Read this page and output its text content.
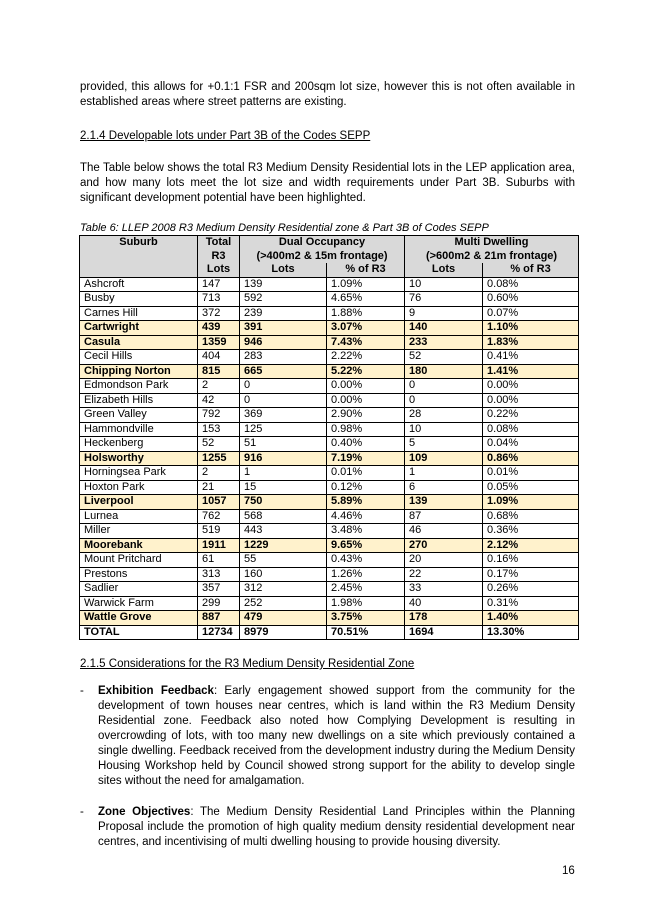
provided, this allows for +0.1:1 FSR and 200sqm lot size, however this is not often available in established areas where street patterns are existing.
2.1.4 Developable lots under Part 3B of the Codes SEPP
The Table below shows the total R3 Medium Density Residential lots in the LEP application area, and how many lots meet the lot size and width requirements under Part 3B. Suburbs with significant development potential have been highlighted.
Table 6: LLEP 2008 R3 Medium Density Residential zone & Part 3B of Codes SEPP
Suburb	Total	Dual Occupancy		Multi Dwelling	
	R3	(>400m2 & 15m frontage)		(>600m2 & 21m frontage)	
	Lots	Lots	% of R3	Lots	% of R3
Ashcroft	147	139	1.09%	10	0.08%
Busby	713	592	4.65%	76	0.60%
Carnes Hill	372	239	1.88%	9	0.07%
Cartwright	439	391	3.07%	140	1.10%
Casula	1359	946	7.43%	233	1.83%
Cecil Hills	404	283	2.22%	52	0.41%
Chipping Norton	815	665	5.22%	180	1.41%
Edmondson Park	2	0	0.00%	0	0.00%
Elizabeth Hills	42	0	0.00%	0	0.00%
Green Valley	792	369	2.90%	28	0.22%
Hammondville	153	125	0.98%	10	0.08%
Heckenberg	52	51	0.40%	5	0.04%
Holsworthy	1255	916	7.19%	109	0.86%
Horningsea Park	2	1	0.01%	1	0.01%
Hoxton Park	21	15	0.12%	6	0.05%
Liverpool	1057	750	5.89%	139	1.09%
Lurnea	762	568	4.46%	87	0.68%
Miller	519	443	3.48%	46	0.36%
Moorebank	1911	1229	9.65%	270	2.12%
Mount Pritchard	61	55	0.43%	20	0.16%
Prestons	313	160	1.26%	22	0.17%
Sadlier	357	312	2.45%	33	0.26%
Warwick Farm	299	252	1.98%	40	0.31%
Wattle Grove	887	479	3.75%	178	1.40%
TOTAL	12734	8979	70.51%	1694	13.30%
- Exhibition Feedback: Early engagement showed support from the community for the development of town houses near centres, which is land within the R3 Medium Density Residential zone. Feedback also noted how Complying Development is resulting in overcrowding of lots, with too many new dwellings on a site which previously contained a single dwelling. Feedback received from the development industry during the Medium Density Housing Workshop held by Council showed strong support for the ability to develop single sites without the need for amalgamation.
- Zone Objectives: The Medium Density Residential Land Principles within the Planning Proposal include the promotion of high quality medium density residential development near centres, and incentivising of multi dwelling housing to provide housing diversity.
2.1.5 Considerations for the R3 Medium Density Residential Zone
16
